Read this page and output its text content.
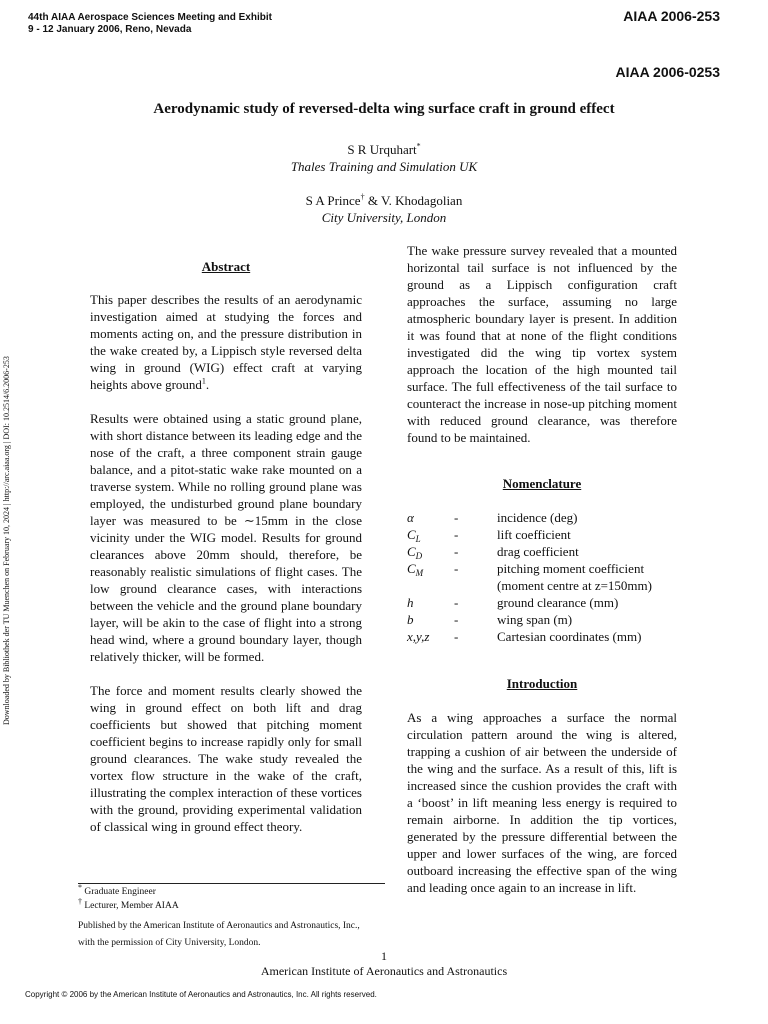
44th AIAA Aerospace Sciences Meeting and Exhibit
9 - 12 January 2006, Reno, Nevada
AIAA 2006-253
AIAA 2006-0253
Downloaded by Bibliothek der TU Muenchen on February 10, 2024 | http://arc.aiaa.org | DOI: 10.2514/6.2006-253
Aerodynamic study of reversed-delta wing surface craft in ground effect
S R Urquhart*
Thales Training and Simulation UK
S A Prince† & V. Khodagolian
City University, London
Abstract

This paper describes the results of an aerodynamic investigation aimed at studying the forces and moments acting on, and the pressure distribution in the wake created by, a Lippisch style reversed delta wing in ground (WIG) effect craft at varying heights above ground$^1$.

Results were obtained using a static ground plane, with short distance between its leading edge and the nose of the craft, a three component strain gauge balance, and a pitot-static wake rake mounted on a traverse system. While no rolling ground plane was employed, the undisturbed ground plane boundary layer was measured to be ∼15mm in the close vicinity under the WIG model. Results for ground clearances above 20mm should, therefore, be reasonably realistic simulations of flight cases. The low ground clearance cases, with interactions between the vehicle and the ground plane boundary layer, will be akin to the case of flight into a strong head wind, where a ground boundary layer, though relatively thicker, will be formed.

The force and moment results clearly showed the wing in ground effect on both lift and drag coefficients but showed that pitching moment coefficient begins to increase rapidly only for small ground clearances. The wake study revealed the vortex flow structure in the wake of the craft, illustrating the complex interaction of these vortices with the ground, providing experimental validation of classical wing in ground effect theory.

The wake pressure survey revealed that a mounted horizontal tail surface is not influenced by the ground as a Lippisch configuration craft approaches the surface, assuming no large atmospheric boundary layer is present. In addition it was found that at none of the flight conditions investigated did the wing tip vortex system approach the location of the high mounted tail surface. The full effectiveness of the tail surface to counteract the increase in nose-up pitching moment with reduced ground clearance, was therefore found to be maintained.

Nomenclature
α	-	incidence (deg)
$C_L$	-	lift coefficient
$C_D$	-	drag coefficient
$C_M$	-	pitching moment coefficient
(moment centre at z=150mm)
h	-	ground clearance (mm)
b	-	wing span (m)
x,y,z	-	Cartesian coordinates (mm)
Introduction

As a wing approaches a surface the normal circulation pattern around the wing is altered, trapping a cushion of air between the underside of the wing and the surface. As a result of this, lift is increased since the cushion provides the craft with a ‘boost’ in lift meaning less energy is required to remain airborne. In addition the tip vortices, generated by the pressure differential between the upper and lower surfaces of the wing, are forced outboard increasing the effective span of the wing and leading once again to an increase in lift.

* Graduate Engineer
† Lecturer, Member AIAA
Published by the American Institute of Aeronautics and Astronautics, Inc.,
with the permission of City University, London.
1
American Institute of Aeronautics and Astronautics
Copyright © 2006 by the American Institute of Aeronautics and Astronautics, Inc. All rights reserved.
